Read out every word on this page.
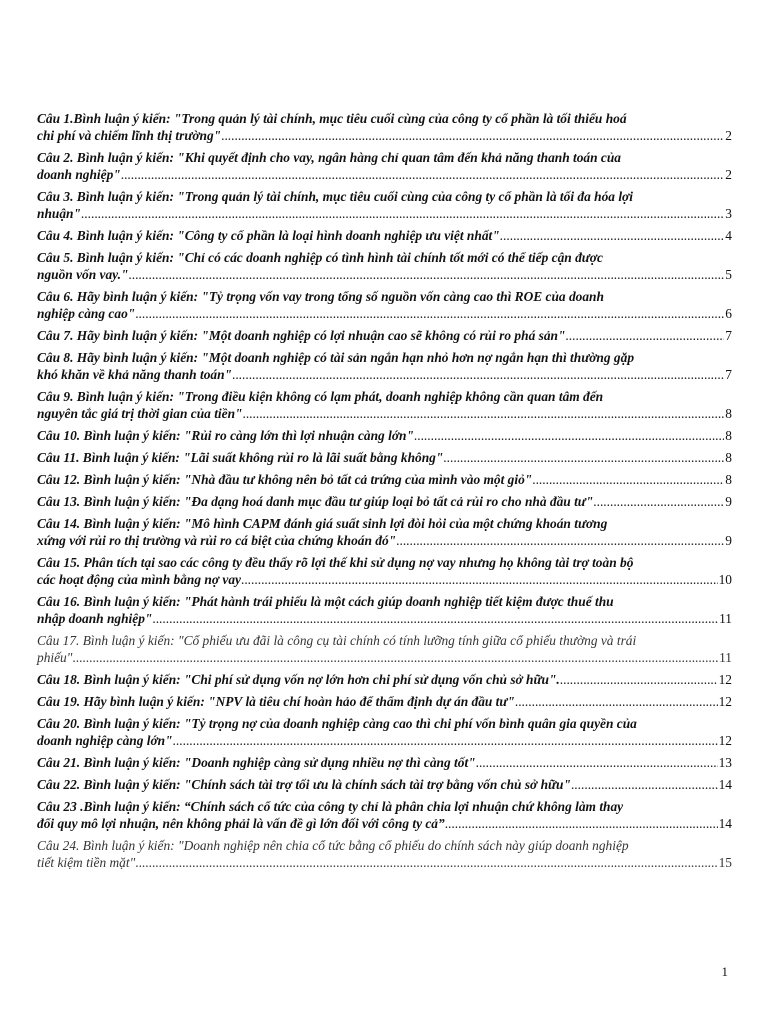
Câu 1.Bình luận ý kiến: "Trong quản lý tài chính, mục tiêu cuối cùng của công ty cổ phần là tối thiểu hoá
chi phí và chiếm lĩnh thị trường" .....	2
Câu 2. Bình luận ý kiến: "Khi quyết định cho vay, ngân hàng chỉ quan tâm đến khả năng thanh toán của
doanh nghiệp" .....	2
Câu 3. Bình luận ý kiến: "Trong quản lý tài chính, mục tiêu cuối cùng của công ty cổ phần là tối đa hóa lợi
nhuận" .....	3
Câu 4. Bình luận ý kiến: "Công ty cổ phần là loại hình doanh nghiệp ưu việt nhất" .....	4
Câu 5. Bình luận ý kiến: "Chỉ có các doanh nghiệp có tình hình tài chính tốt mới có thể tiếp cận được
nguồn vốn vay." .....	5
Câu 6. Hãy bình luận ý kiến: "Tỷ trọng vốn vay trong tổng số nguồn vốn càng cao thì ROE của doanh
nghiệp càng cao" .....	6
Câu 7. Hãy bình luận ý kiến: "Một doanh nghiệp có lợi nhuận cao sẽ không có rủi ro phá sản" .....	7
Câu 8. Hãy bình luận ý kiến: "Một doanh nghiệp có tài sản ngắn hạn nhỏ hơn nợ ngắn hạn thì thường gặp
khó khăn về khả năng thanh toán" .....	7
Câu 9. Bình luận ý kiến: "Trong điều kiện không có lạm phát, doanh nghiệp không cần quan tâm đến
nguyên tắc giá trị thời gian của tiền" .....	8
Câu 10. Bình luận ý kiến: "Rủi ro càng lớn thì lợi nhuận càng lớn" .....	8
Câu 11. Bình luận ý kiến: "Lãi suất không rủi ro là lãi suất bằng không" .....	8
Câu 12. Bình luận ý kiến: "Nhà đầu tư không nên bỏ tất cả trứng của mình vào một giỏ" .....	8
Câu 13. Bình luận ý kiến: "Đa dạng hoá danh mục đầu tư giúp loại bỏ tất cả rủi ro cho nhà đầu tư" .....	9
Câu 14. Bình luận ý kiến: "Mô hình CAPM đánh giá suất sinh lợi đòi hỏi của một chứng khoán tương
xứng với rủi ro thị trường và rủi ro cá biệt của chứng khoán đó" .....	9
Câu 15. Phân tích tại sao các công ty đều thấy rõ lợi thế khi sử dụng nợ vay nhưng họ không tài trợ toàn bộ
các hoạt động của mình bằng nợ vay .....	10
Câu 16. Bình luận ý kiến: "Phát hành trái phiếu là một cách giúp doanh nghiệp tiết kiệm được thuế thu
nhập doanh nghiệp" .....	11
Câu 17. Bình luận ý kiến: "Cổ phiếu ưu đãi là công cụ tài chính có tính lưỡng tính giữa cổ phiếu thường và trái
phiếu" .....	11
Câu 18. Bình luận ý kiến: "Chi phí sử dụng vốn nợ lớn hơn chi phí sử dụng vốn chủ sở hữu". .....	12
Câu 19. Hãy bình luận ý kiến: "NPV là tiêu chí hoàn hảo để thẩm định dự án đầu tư" .....	12
Câu 20. Bình luận ý kiến: "Tỷ trọng nợ của doanh nghiệp càng cao thì chi phí vốn bình quân gia quyền của
doanh nghiệp càng lớn" .....	12
Câu 21. Bình luận ý kiến: "Doanh nghiệp càng sử dụng nhiều nợ thì càng tốt" .....	13
Câu 22. Bình luận ý kiến: "Chính sách tài trợ tối ưu là chính sách tài trợ bằng vốn chủ sở hữu" .....	14
Câu 23 .Bình luận ý kiến: “Chính sách cổ tức của công ty chỉ là phân chia lợi nhuận chứ không làm thay
đổi quy mô lợi nhuận, nên không phải là vấn đề gì lớn đối với công ty cả” .....	14
Câu 24. Bình luận ý kiến: "Doanh nghiệp nên chia cổ tức bằng cổ phiếu do chính sách này giúp doanh nghiệp
tiết kiệm tiền mặt" .....	15
1
